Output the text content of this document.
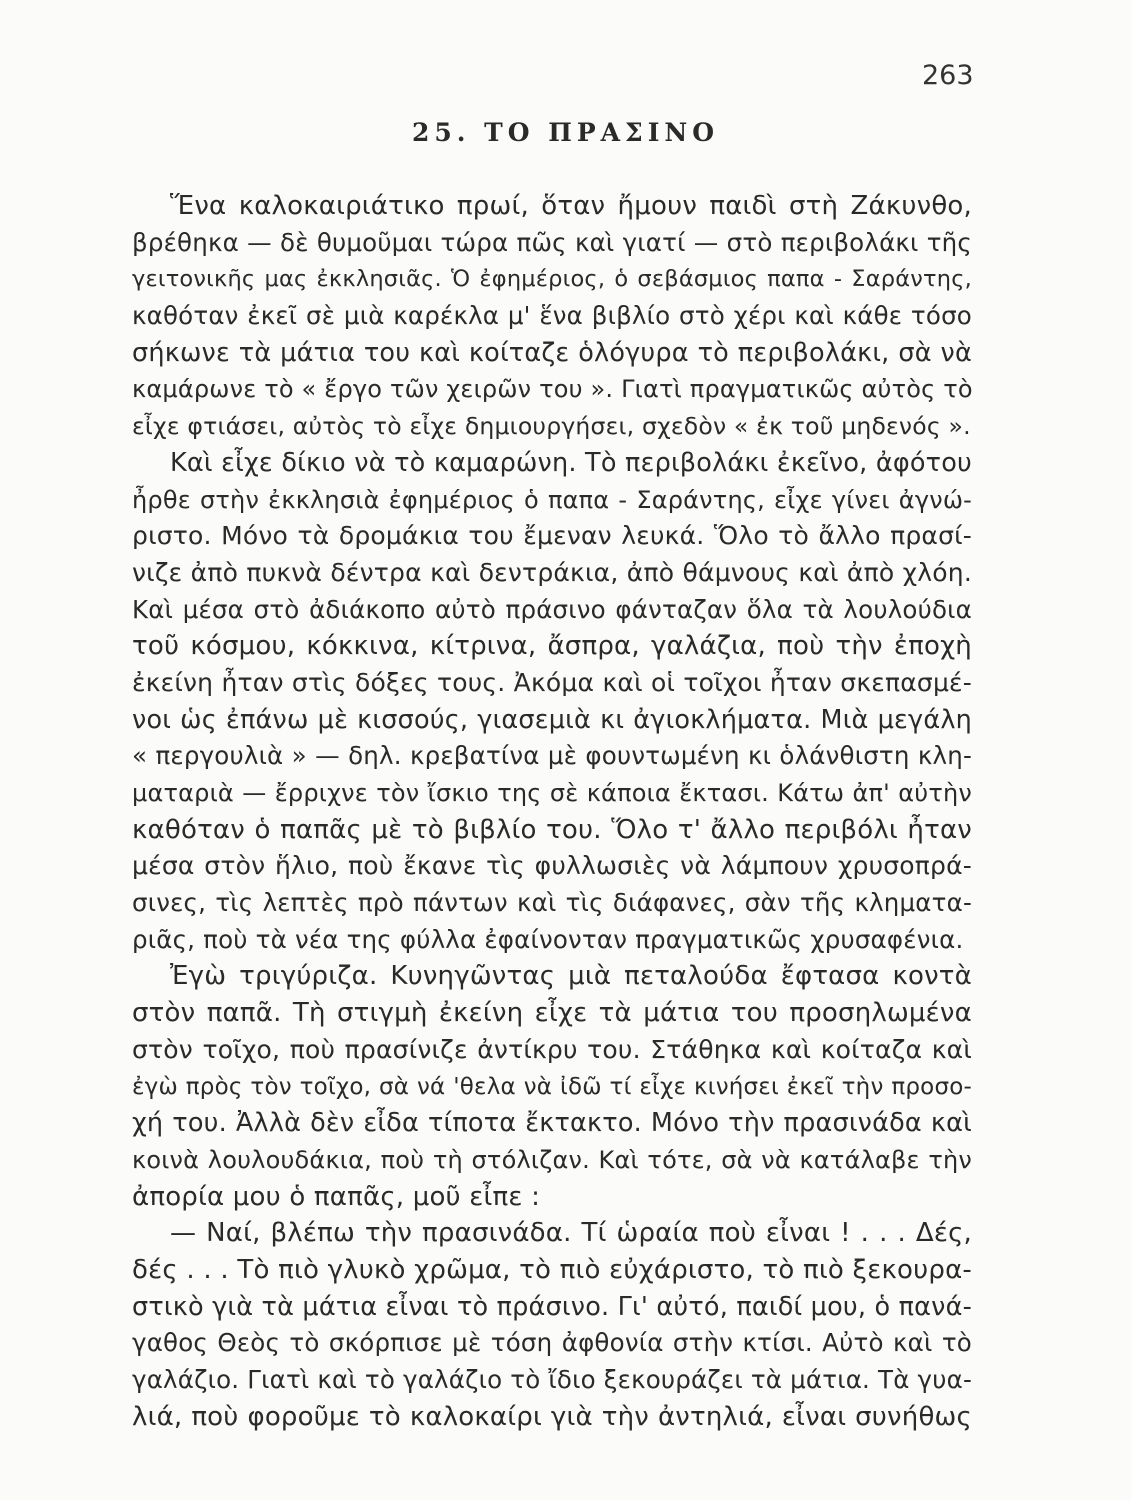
263
25. ΤΟ ΠΡΑΣΙΝΟ
Ἕνα καλοκαιριάτικο πρωί, ὅταν ἤμουν παιδὶ στὴ Ζάκυνθο,
βρέθηκα — δὲ θυμοῦμαι τώρα πῶς καὶ γιατί — στὸ περιβολάκι τῆς
γειτονικῆς μας ἐκκλησιᾶς. Ὁ ἐφημέριος, ὁ σεβάσμιος παπα - Σαράντης,
καθόταν ἐκεῖ σὲ μιὰ καρέκλα μ' ἕνα βιβλίο στὸ χέρι καὶ κάθε τόσο
σήκωνε τὰ μάτια του καὶ κοίταζε ὁλόγυρα τὸ περιβολάκι, σὰ νὰ
καμάρωνε τὸ « ἔργο τῶν χειρῶν του ». Γιατὶ πραγματικῶς αὐτὸς τὸ
εἶχε φτιάσει, αὐτὸς τὸ εἶχε δημιουργήσει, σχεδὸν « ἐκ τοῦ μηδενός ».
Καὶ εἶχε δίκιο νὰ τὸ καμαρώνη. Τὸ περιβολάκι ἐκεῖνο, ἀφότου
ἦρθε στὴν ἐκκλησιὰ ἐφημέριος ὁ παπα - Σαράντης, εἶχε γίνει ἀγνώ-
ριστο. Μόνο τὰ δρομάκια του ἔμεναν λευκά. Ὅλο τὸ ἄλλο πρασί-
νιζε ἀπὸ πυκνὰ δέντρα καὶ δεντράκια, ἀπὸ θάμνους καὶ ἀπὸ χλόη.
Καὶ μέσα στὸ ἀδιάκοπο αὐτὸ πράσινο φάνταζαν ὅλα τὰ λουλούδια
τοῦ κόσμου, κόκκινα, κίτρινα, ἄσπρα, γαλάζια, ποὺ τὴν ἐποχὴ
ἐκείνη ἦταν στὶς δόξες τους. Ἀκόμα καὶ οἱ τοῖχοι ἦταν σκεπασμέ-
νοι ὡς ἐπάνω μὲ κισσούς, γιασεμιὰ κι ἀγιοκλήματα. Μιὰ μεγάλη
« περγουλιὰ » — δηλ. κρεβατίνα μὲ φουντωμένη κι ὁλάνθιστη κλη-
ματαριὰ — ἔρριχνε τὸν ἴσκιο της σὲ κάποια ἔκτασι. Κάτω ἀπ' αὐτὴν
καθόταν ὁ παπᾶς μὲ τὸ βιβλίο του. Ὅλο τ' ἄλλο περιβόλι ἦταν
μέσα στὸν ἥλιο, ποὺ ἔκανε τὶς φυλλωσιὲς νὰ λάμπουν χρυσοπρά-
σινες, τὶς λεπτὲς πρὸ πάντων καὶ τὶς διάφανες, σὰν τῆς κληματα-
ριᾶς, ποὺ τὰ νέα της φύλλα ἐφαίνονταν πραγματικῶς χρυσαφένια.
Ἐγὼ τριγύριζα. Κυνηγῶντας μιὰ πεταλούδα ἔφτασα κοντὰ
στὸν παπᾶ. Τὴ στιγμὴ ἐκείνη εἶχε τὰ μάτια του προσηλωμένα
στὸν τοῖχο, ποὺ πρασίνιζε ἀντίκρυ του. Στάθηκα καὶ κοίταζα καὶ
ἐγὼ πρὸς τὸν τοῖχο, σὰ νά 'θελα νὰ ἰδῶ τί εἶχε κινήσει ἐκεῖ τὴν προσο-
χή του. Ἀλλὰ δὲν εἶδα τίποτα ἔκτακτο. Μόνο τὴν πρασινάδα καὶ
κοινὰ λουλουδάκια, ποὺ τὴ στόλιζαν. Καὶ τότε, σὰ νὰ κατάλαβε τὴν
ἀπορία μου ὁ παπᾶς, μοῦ εἶπε :
— Ναί, βλέπω τὴν πρασινάδα. Τί ὡραία ποὺ εἶναι ! . . . Δές,
δές . . . Τὸ πιὸ γλυκὸ χρῶμα, τὸ πιὸ εὐχάριστο, τὸ πιὸ ξεκουρα-
στικὸ γιὰ τὰ μάτια εἶναι τὸ πράσινο. Γι' αὐτό, παιδί μου, ὁ πανά-
γαθος Θεὸς τὸ σκόρπισε μὲ τόση ἀφθονία στὴν κτίσι. Αὐτὸ καὶ τὸ
γαλάζιο. Γιατὶ καὶ τὸ γαλάζιο τὸ ἴδιο ξεκουράζει τὰ μάτια. Τὰ γυα-
λιά, ποὺ φοροῦμε τὸ καλοκαίρι γιὰ τὴν ἀντηλιά, εἶναι συνήθως
